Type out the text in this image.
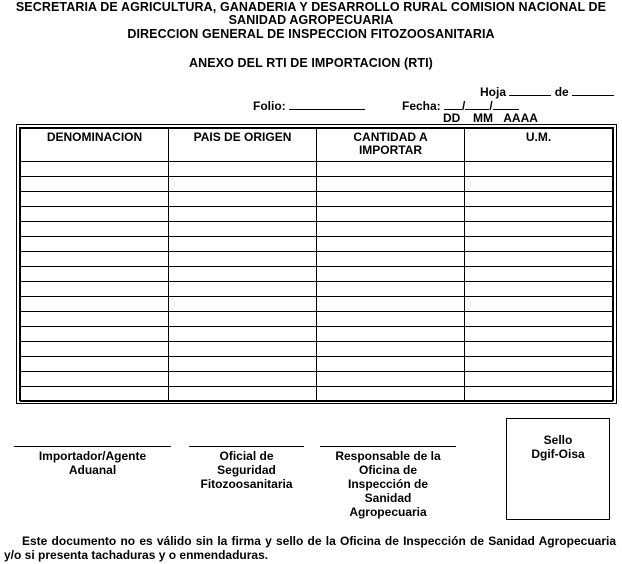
SECRETARIA DE AGRICULTURA, GANADERIA Y DESARROLLO RURAL COMISION NACIONAL DE
SANIDAD AGROPECUARIA
DIRECCION GENERAL DE INSPECCION FITOZOOSANITARIA
ANEXO DEL RTI DE IMPORTACION (RTI)
Hoja	de
Folio:	Fecha: / /
DD MM AAAA
DENOMINACION	PAIS DE ORIGEN	CANTIDAD A IMPORTAR	U.M.

Importador/Agente
Aduanal
Oficial de
Seguridad
Fitozoosanitaria
Responsable de la
Oficina de
Inspección de
Sanidad
Agropecuaria
Sello
Dgif-Oisa
Este documento no es válido sin la firma y sello de la Oficina de Inspección de Sanidad Agropecuaria y/o si presenta tachaduras y o enmendaduras.
